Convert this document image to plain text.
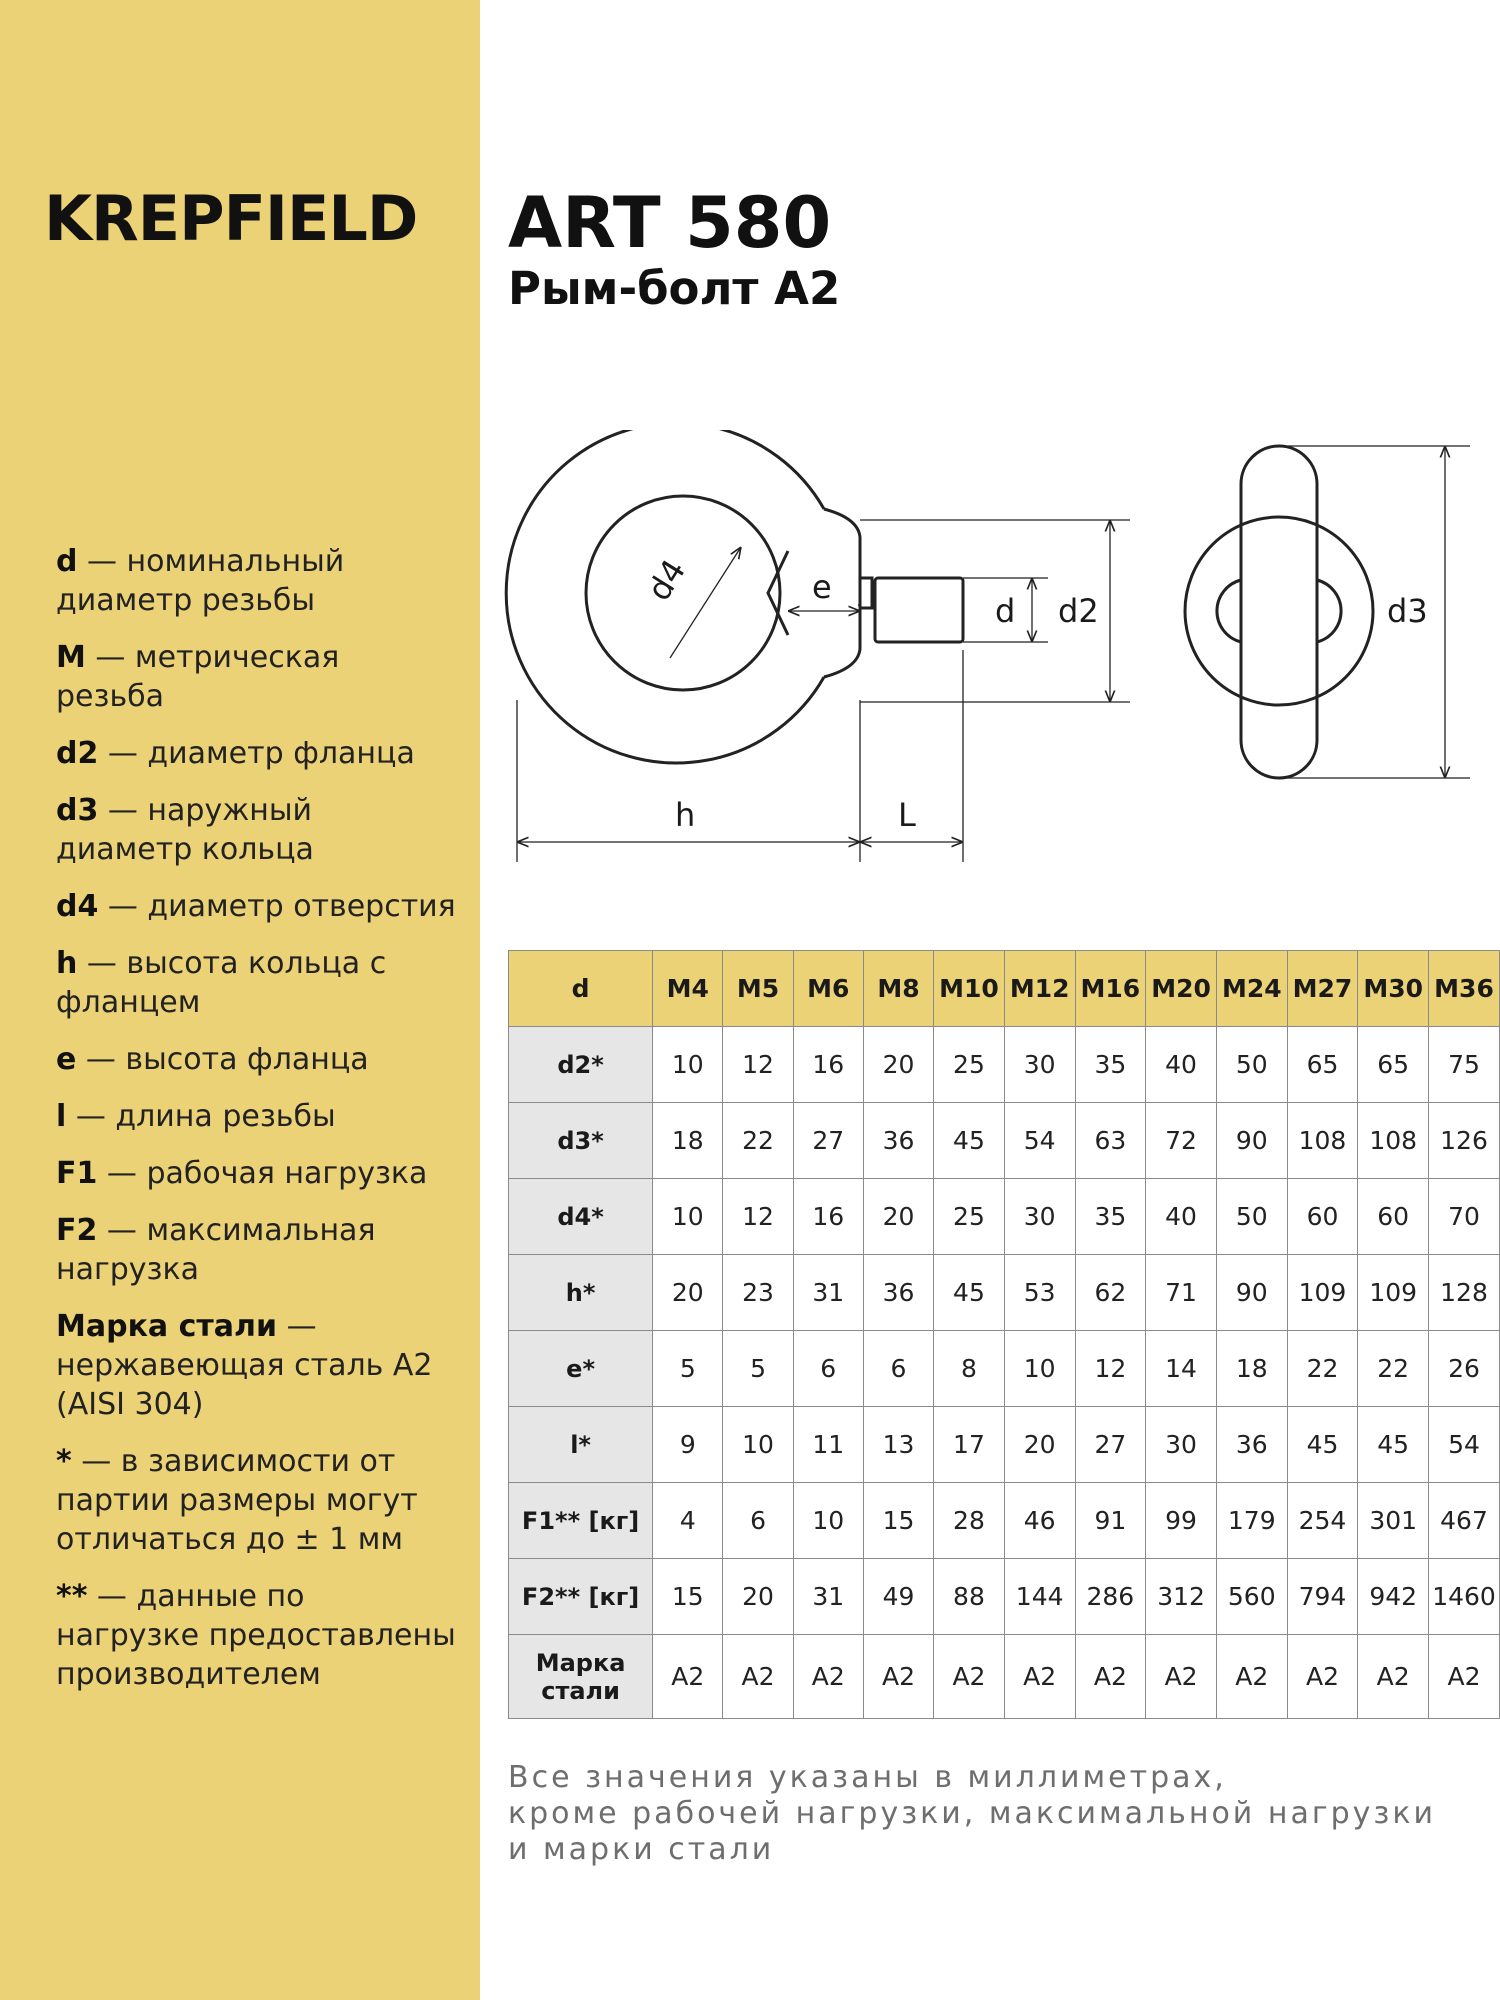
KREPFIELD
d — номинальный диаметр резьбы
M — метрическая резьба
d2 — диаметр фланца
d3 — наружный диаметр кольца
d4 — диаметр отверстия
h — высота кольца с фланцем
e — высота фланца
l — длина резьбы
F1 — рабочая нагрузка
F2 — максимальная нагрузка
Марка стали — нержавеющая сталь A2 (AISI 304)
* — в зависимости от партии размеры могут отличаться до ± 1 мм
** — данные по нагрузке предоставлены производителем
ART 580
Рым-болт A2
d4	e
d d2
h	L
d3
d	M4	M5	M6	M8	M10	M12	M16	M20	M24	M27	M30	M36
d2*	10	12	16	20	25	30	35	40	50	65	65	75
d3*	18	22	27	36	45	54	63	72	90	108	108	126
d4*	10	12	16	20	25	30	35	40	50	60	60	70
h*	20	23	31	36	45	53	62	71	90	109	109	128
e*	5	5	6	6	8	10	12	14	18	22	22	26
l*	9	10	11	13	17	20	27	30	36	45	45	54
F1** [кг]	4	6	10	15	28	46	91	99	179	254	301	467
F2** [кг]	15	20	31	49	88	144	286	312	560	794	942	1460
Марка стали	A2	A2	A2	A2	A2	A2	A2	A2	A2	A2	A2	A2
Все значения указаны в миллиметрах,
кроме рабочей нагрузки, максимальной нагрузки
и марки стали
